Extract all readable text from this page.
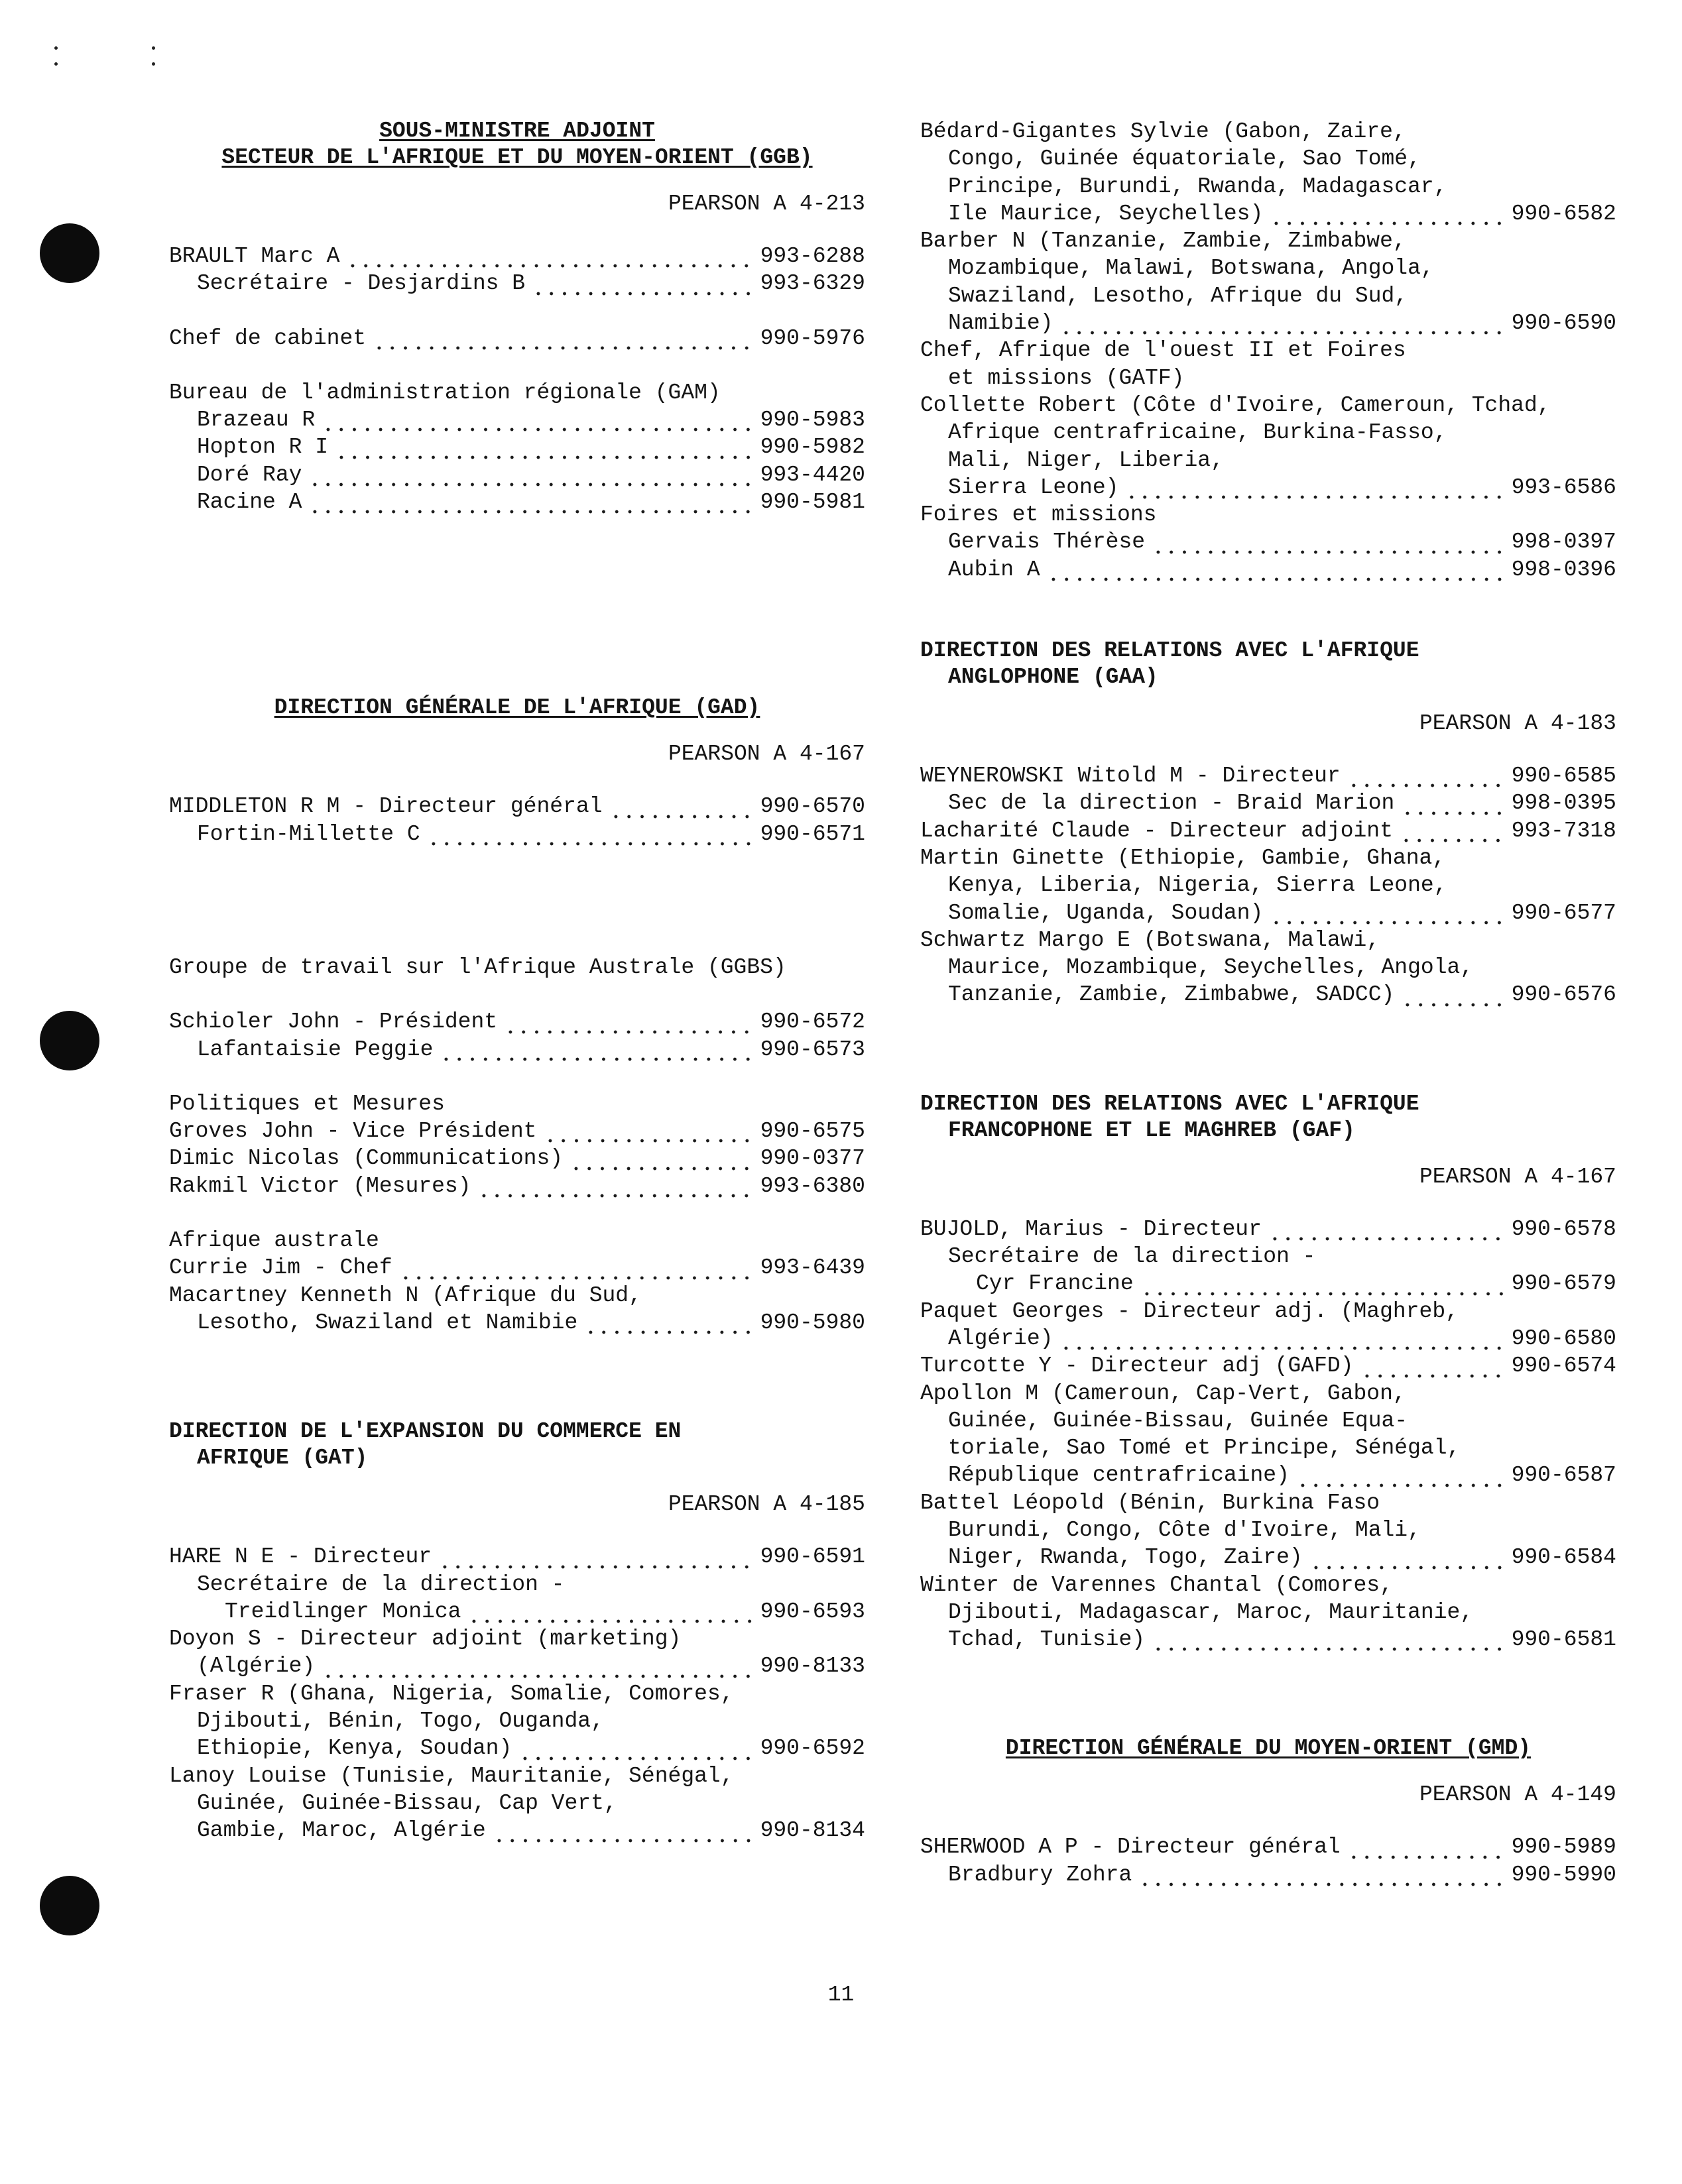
SOUS-MINISTRE ADJOINT
SECTEUR DE L'AFRIQUE ET DU MOYEN-ORIENT (GGB)
PEARSON A 4-213
BRAULT Marc A	993-6288
Secrétaire - Desjardins B	993-6329
Chef de cabinet	990-5976
Bureau de l'administration régionale (GAM)
Brazeau R	990-5983
Hopton R I	990-5982
Doré Ray	993-4420
Racine A	990-5981
DIRECTION GÉNÉRALE DE L'AFRIQUE (GAD)
PEARSON A 4-167
MIDDLETON R M - Directeur général	990-6570
Fortin-Millette C	990-6571
Groupe de travail sur l'Afrique Australe (GGBS)
Schioler John - Président	990-6572
Lafantaisie Peggie	990-6573
Politiques et Mesures
Groves John - Vice Président	990-6575
Dimic Nicolas (Communications)	990-0377
Rakmil Victor (Mesures)	993-6380
Afrique australe
Currie Jim - Chef	993-6439
Macartney Kenneth N (Afrique du Sud,
Lesotho, Swaziland et Namibie	990-5980
DIRECTION DE L'EXPANSION DU COMMERCE EN
AFRIQUE (GAT)
PEARSON A 4-185
HARE N E - Directeur	990-6591
Secrétaire de la direction -
Treidlinger Monica	990-6593
Doyon S - Directeur adjoint (marketing)
(Algérie)	990-8133
Fraser R (Ghana, Nigeria, Somalie, Comores,
Djibouti, Bénin, Togo, Ouganda,
Ethiopie, Kenya, Soudan)	990-6592
Lanoy Louise (Tunisie, Mauritanie, Sénégal,
Guinée, Guinée-Bissau, Cap Vert,
Gambie, Maroc, Algérie	990-8134
Bédard-Gigantes Sylvie (Gabon, Zaire,
Congo, Guinée équatoriale, Sao Tomé,
Principe, Burundi, Rwanda, Madagascar,
Ile Maurice, Seychelles)	990-6582
Barber N (Tanzanie, Zambie, Zimbabwe,
Mozambique, Malawi, Botswana, Angola,
Swaziland, Lesotho, Afrique du Sud,
Namibie)	990-6590
Chef, Afrique de l'ouest II et Foires
et missions (GATF)
Collette Robert (Côte d'Ivoire, Cameroun, Tchad,
Afrique centrafricaine, Burkina-Fasso,
Mali, Niger, Liberia,
Sierra Leone)	993-6586
Foires et missions
Gervais Thérèse	998-0397
Aubin A	998-0396
DIRECTION DES RELATIONS AVEC L'AFRIQUE
ANGLOPHONE (GAA)
PEARSON A 4-183
WEYNEROWSKI Witold M - Directeur	990-6585
Sec de la direction - Braid Marion	998-0395
Lacharité Claude - Directeur adjoint	993-7318
Martin Ginette (Ethiopie, Gambie, Ghana,
Kenya, Liberia, Nigeria, Sierra Leone,
Somalie, Uganda, Soudan)	990-6577
Schwartz Margo E (Botswana, Malawi,
Maurice, Mozambique, Seychelles, Angola,
Tanzanie, Zambie, Zimbabwe, SADCC)	990-6576
DIRECTION DES RELATIONS AVEC L'AFRIQUE
FRANCOPHONE ET LE MAGHREB (GAF)
PEARSON A 4-167
BUJOLD, Marius - Directeur	990-6578
Secrétaire de la direction -
Cyr Francine	990-6579
Paquet Georges - Directeur adj. (Maghreb,
Algérie)	990-6580
Turcotte Y - Directeur adj (GAFD)	990-6574
Apollon M (Cameroun, Cap-Vert, Gabon,
Guinée, Guinée-Bissau, Guinée Equa-
toriale, Sao Tomé et Principe, Sénégal,
République centrafricaine)	990-6587
Battel Léopold (Bénin, Burkina Faso
Burundi, Congo, Côte d'Ivoire, Mali,
Niger, Rwanda, Togo, Zaire)	990-6584
Winter de Varennes Chantal (Comores,
Djibouti, Madagascar, Maroc, Mauritanie,
Tchad, Tunisie)	990-6581
DIRECTION GÉNÉRALE DU MOYEN-ORIENT (GMD)
PEARSON A 4-149
SHERWOOD A P - Directeur général	990-5989
Bradbury Zohra	990-5990
11
